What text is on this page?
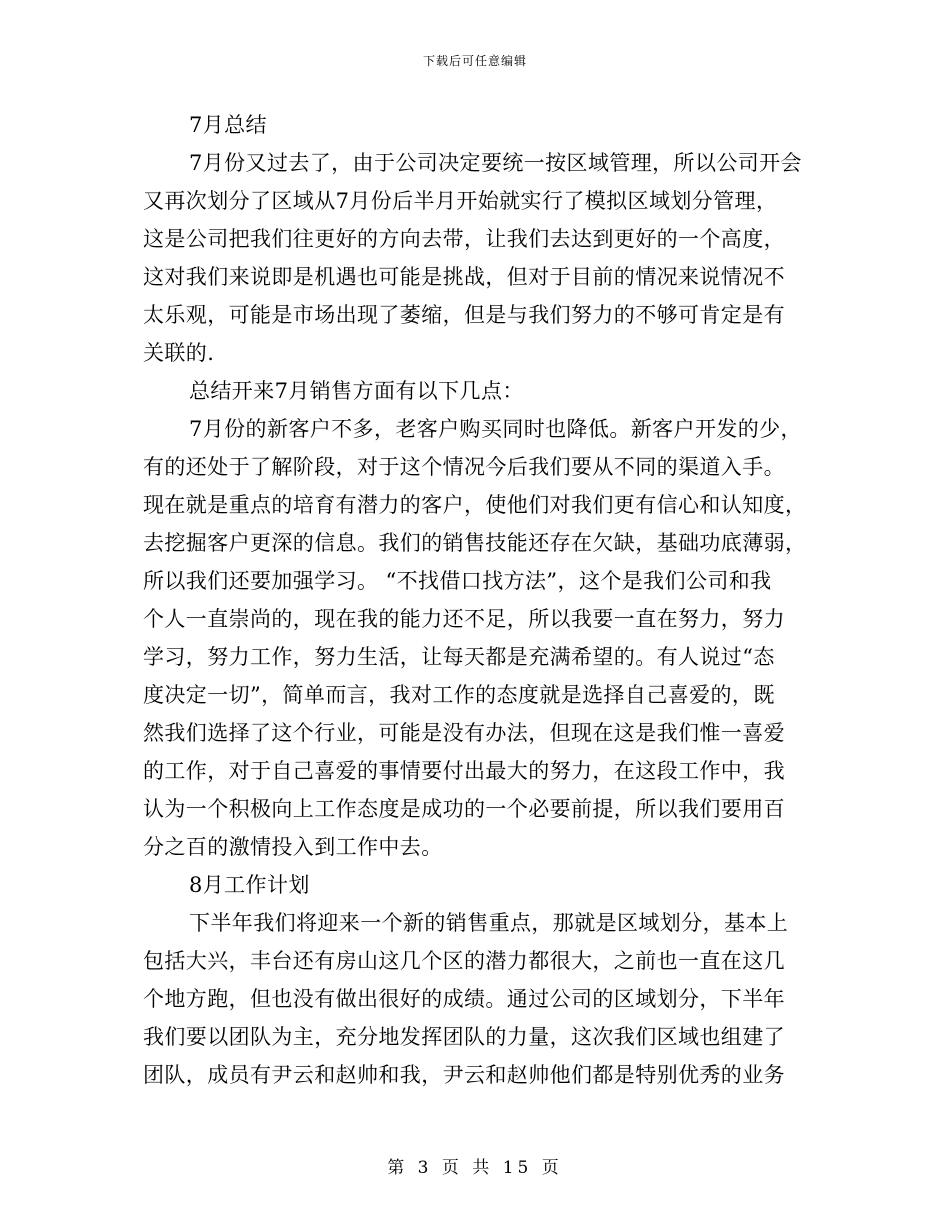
下载后可任意编辑
7月总结
7月份又过去了，由于公司决定要统一按区域管理，所以公司开会
又再次划分了区域从7月份后半月开始就实行了模拟区域划分管理，
这是公司把我们往更好的方向去带，让我们去达到更好的一个高度，
这对我们来说即是机遇也可能是挑战，但对于目前的情况来说情况不
太乐观，可能是市场出现了萎缩，但是与我们努力的不够可肯定是有
关联的.
总结开来7月销售方面有以下几点：
7月份的新客户不多，老客户购买同时也降低。新客户开发的少，
有的还处于了解阶段，对于这个情况今后我们要从不同的渠道入手。
现在就是重点的培育有潜力的客户，使他们对我们更有信心和认知度，
去挖掘客户更深的信息。我们的销售技能还存在欠缺，基础功底薄弱，
所以我们还要加强学习。 “不找借口找方法”，这个是我们公司和我
个人一直崇尚的，现在我的能力还不足，所以我要一直在努力，努力
学习，努力工作，努力生活，让每天都是充满希望的。有人说过“态
度决定一切”，简单而言，我对工作的态度就是选择自己喜爱的，既
然我们选择了这个行业，可能是没有办法，但现在这是我们惟一喜爱
的工作，对于自己喜爱的事情要付出最大的努力，在这段工作中，我
认为一个积极向上工作态度是成功的一个必要前提，所以我们要用百
分之百的激情投入到工作中去。
8月工作计划
下半年我们将迎来一个新的销售重点，那就是区域划分，基本上
包括大兴，丰台还有房山这几个区的潜力都很大，之前也一直在这几
个地方跑，但也没有做出很好的成绩。通过公司的区域划分，下半年
我们要以团队为主，充分地发挥团队的力量，这次我们区域也组建了
团队，成员有尹云和赵帅和我，尹云和赵帅他们都是特别优秀的业务
第 3 页 共 15 页
